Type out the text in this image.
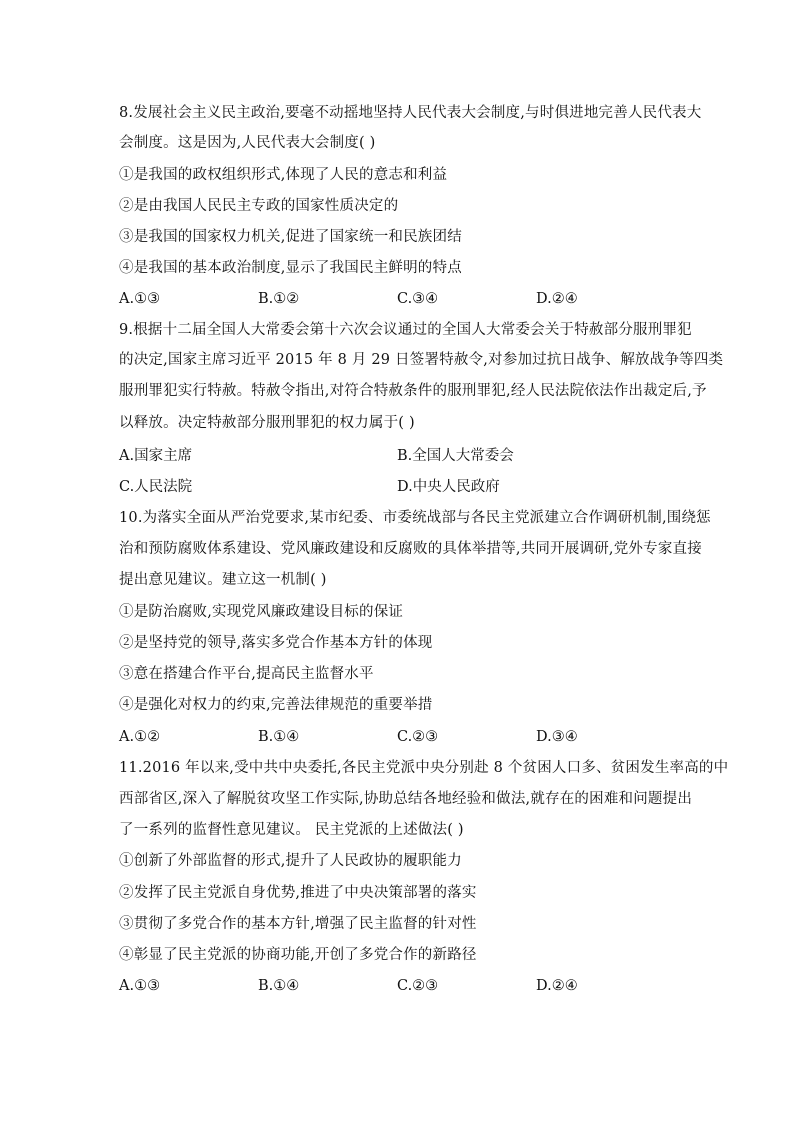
8.发展社会主义民主政治,要毫不动摇地坚持人民代表大会制度,与时俱进地完善人民代表大
会制度。这是因为,人民代表大会制度( )
①是我国的政权组织形式,体现了人民的意志和利益
②是由我国人民民主专政的国家性质决定的
③是我国的国家权力机关,促进了国家统一和民族团结
④是我国的基本政治制度,显示了我国民主鲜明的特点
A.①③	B.①②	C.③④	D.②④
9.根据十二届全国人大常委会第十六次会议通过的全国人大常委会关于特赦部分服刑罪犯
的决定,国家主席习近平 2015 年 8 月 29 日签署特赦令,对参加过抗日战争、解放战争等四类
服刑罪犯实行特赦。特赦令指出,对符合特赦条件的服刑罪犯,经人民法院依法作出裁定后,予
以释放。决定特赦部分服刑罪犯的权力属于( )
A.国家主席	B.全国人大常委会
C.人民法院	D.中央人民政府
10.为落实全面从严治党要求,某市纪委、市委统战部与各民主党派建立合作调研机制,围绕惩
治和预防腐败体系建设、党风廉政建设和反腐败的具体举措等,共同开展调研,党外专家直接
提出意见建议。建立这一机制( )
①是防治腐败,实现党风廉政建设目标的保证
②是坚持党的领导,落实多党合作基本方针的体现
③意在搭建合作平台,提高民主监督水平
④是强化对权力的约束,完善法律规范的重要举措
A.①②	B.①④	C.②③	D.③④
11.2016 年以来,受中共中央委托,各民主党派中央分别赴 8 个贫困人口多、贫困发生率高的中
西部省区,深入了解脱贫攻坚工作实际,协助总结各地经验和做法,就存在的困难和问题提出
了一系列的监督性意见建议。 民主党派的上述做法( )
①创新了外部监督的形式,提升了人民政协的履职能力
②发挥了民主党派自身优势,推进了中央决策部署的落实
③贯彻了多党合作的基本方针,增强了民主监督的针对性
④彰显了民主党派的协商功能,开创了多党合作的新路径
A.①③	B.①④	C.②③	D.②④
